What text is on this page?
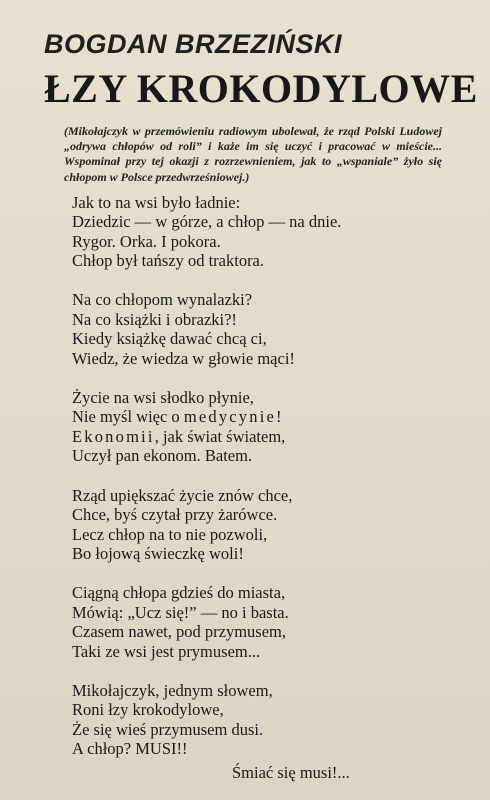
BOGDAN BRZEZIŃSKI
ŁZY KROKODYLOWE

(Mikołajczyk w przemówieniu radiowym ubolewał, że rząd Polski Ludowej „odrywa chłopów od roli” i każe im się uczyć i pracować w mieście... Wspominał przy tej okazji z rozrzewnieniem, jak to „wspaniale” żyło się chłopom w Polsce przedwrześniowej.)

Jak to na wsi było ładnie:
Dziedzic — w górze, a chłop — na dnie.
Rygor. Orka. I pokora.
Chłop był tańszy od traktora.
Na co chłopom wynalazki?
Na co książki i obrazki?!
Kiedy książkę dawać chcą ci,
Wiedz, że wiedza w głowie mąci!
Życie na wsi słodko płynie,
Nie myśl więc o medycynie!
Ekonomii, jak świat światem,
Uczył pan ekonom. Batem.
Rząd upiększać życie znów chce,
Chce, byś czytał przy żarówce.
Lecz chłop na to nie pozwoli,
Bo łojową świeczkę woli!
Ciągną chłopa gdzieś do miasta,
Mówią: „Ucz się!” — no i basta.
Czasem nawet, pod przymusem,
Taki ze wsi jest prymusem...
Mikołajczyk, jednym słowem,
Roni łzy krokodylowe,
Że się wieś przymusem dusi.
A chłop? MUSI!!
Śmiać się musi!...
